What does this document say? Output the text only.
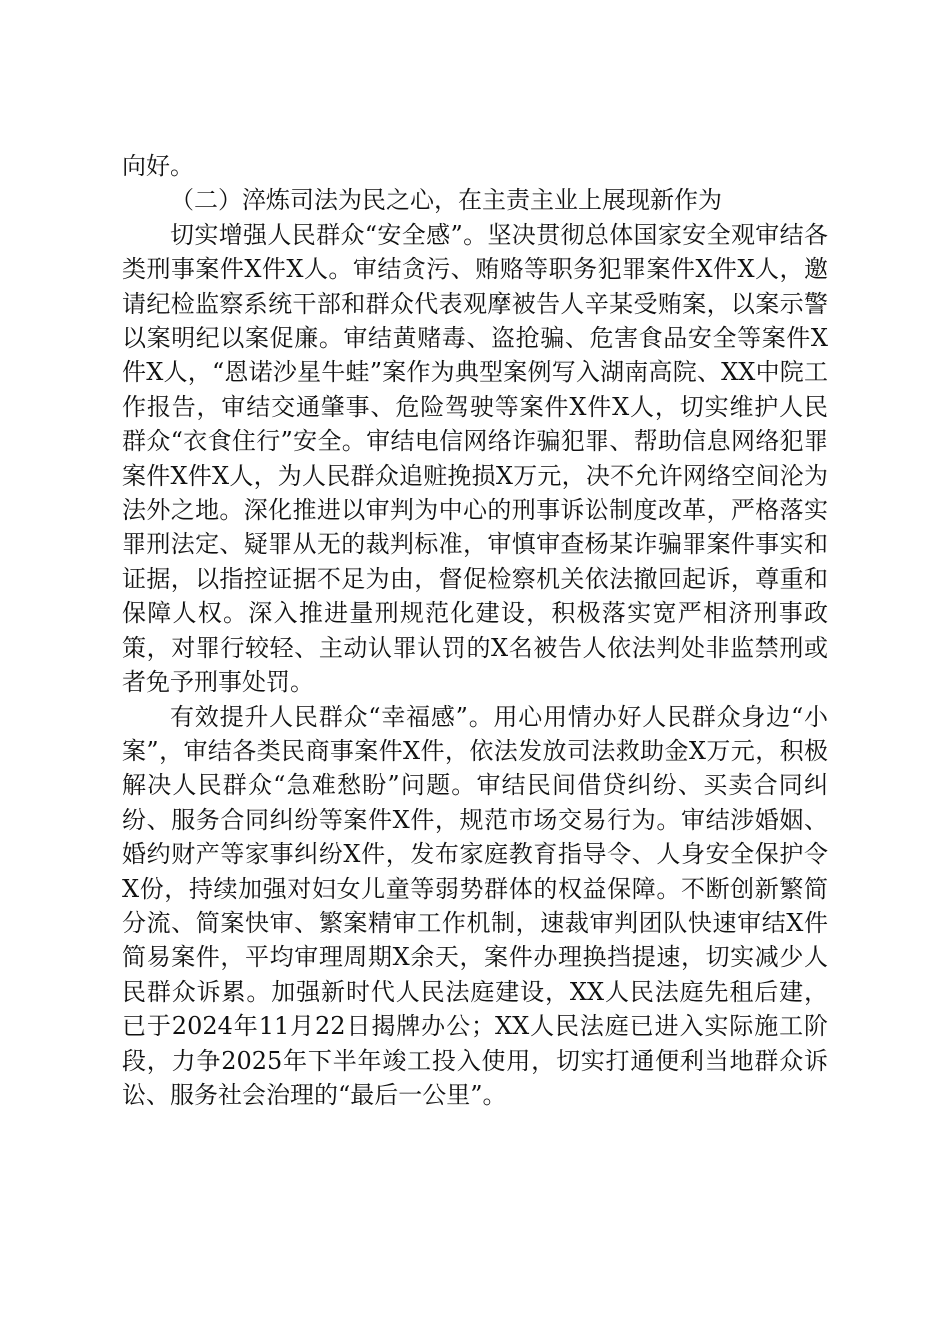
向好。

（二）淬炼司法为民之心，在主责主业上展现新作为

切实增强人民群众“安全感”。坚决贯彻总体国家安全观审结各类刑事案件X件X人。审结贪污、贿赂等职务犯罪案件X件X人，邀请纪检监察系统干部和群众代表观摩被告人辛某受贿案，以案示警以案明纪以案促廉。审结黄赌毒、盗抢骗、危害食品安全等案件X件X人，“恩诺沙星牛蛙”案作为典型案例写入湖南高院、XX中院工作报告，审结交通肇事、危险驾驶等案件X件X人，切实维护人民群众“衣食住行”安全。审结电信网络诈骗犯罪、帮助信息网络犯罪案件X件X人，为人民群众追赃挽损X万元，决不允许网络空间沦为法外之地。深化推进以审判为中心的刑事诉讼制度改革，严格落实罪刑法定、疑罪从无的裁判标准，审慎审查杨某诈骗罪案件事实和证据，以指控证据不足为由，督促检察机关依法撤回起诉，尊重和保障人权。深入推进量刑规范化建设，积极落实宽严相济刑事政策，对罪行较轻、主动认罪认罚的X名被告人依法判处非监禁刑或者免予刑事处罚。

有效提升人民群众“幸福感”。用心用情办好人民群众身边“小案”，审结各类民商事案件X件，依法发放司法救助金X万元，积极解决人民群众“急难愁盼”问题。审结民间借贷纠纷、买卖合同纠纷、服务合同纠纷等案件X件，规范市场交易行为。审结涉婚姻、婚约财产等家事纠纷X件，发布家庭教育指导令、人身安全保护令X份，持续加强对妇女儿童等弱势群体的权益保障。不断创新繁简分流、简案快审、繁案精审工作机制，速裁审判团队快速审结X件简易案件，平均审理周期X余天，案件办理换挡提速，切实减少人民群众诉累。加强新时代人民法庭建设，XX人民法庭先租后建，已于2024年11月22日揭牌办公；XX人民法庭已进入实际施工阶段，力争2025年下半年竣工投入使用，切实打通便利当地群众诉讼、服务社会治理的“最后一公里”。
